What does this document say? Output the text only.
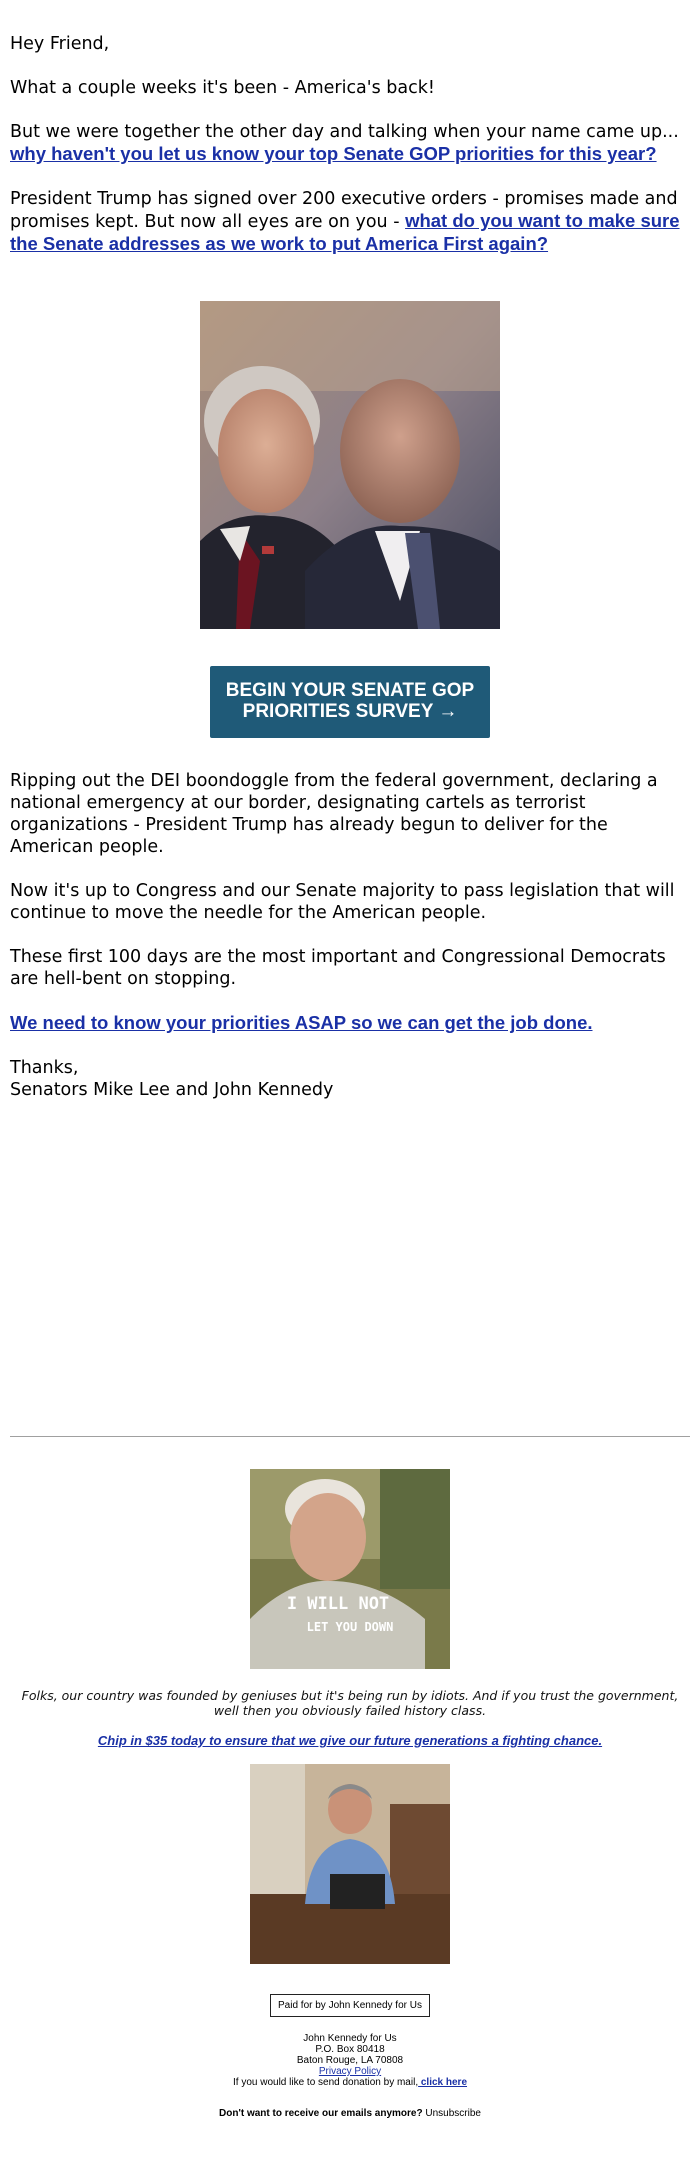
Hey Friend,

What a couple weeks it's been - America's back!

But we were together the other day and talking when your name came up... why haven't you let us know your top Senate GOP priorities for this year?

President Trump has signed over 200 executive orders - promises made and promises kept. But now all eyes are on you - what do you want to make sure the Senate addresses as we work to put America First again?

BEGIN YOUR SENATE GOP PRIORITIES SURVEY →

Ripping out the DEI boondoggle from the federal government, declaring a national emergency at our border, designating cartels as terrorist organizations - President Trump has already begun to deliver for the American people.

Now it's up to Congress and our Senate majority to pass legislation that will continue to move the needle for the American people.

These first 100 days are the most important and Congressional Democrats are hell-bent on stopping.

We need to know your priorities ASAP so we can get the job done.

Thanks,

Senators Mike Lee and John Kennedy

I WILL NOT
LET YOU DOWN

Folks, our country was founded by geniuses but it's being run by idiots. And if you trust the government, well then you obviously failed history class.

Chip in $35 today to ensure that we give our future generations a fighting chance.
Paid for by John Kennedy for Us
John Kennedy for Us
P.O. Box 80418
Baton Rouge, LA 70808
Privacy Policy
If you would like to send donation by mail, click here
Don't want to receive our emails anymore? Unsubscribe
